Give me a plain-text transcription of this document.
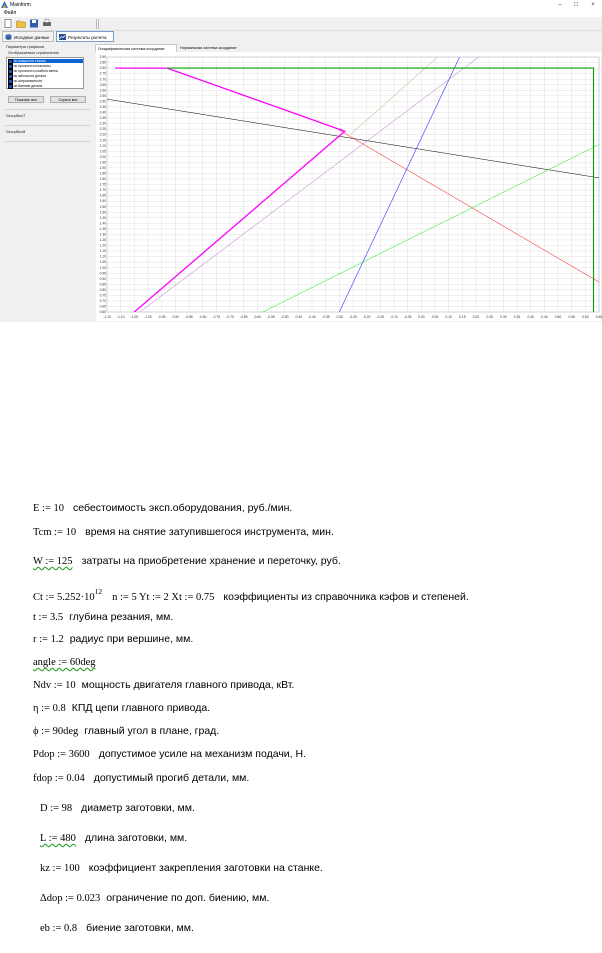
Mainform	–	□	×
Файл
Исходные данные	Результаты расчета
Параметры графиков
Отображаемые ограничения
по мощности станка
по прочности пластины
по прочности слабого звена
по жёсткости детали
по шероховатости
по биению детали
Показать все	Скрыть все
GroupBox7
GroupBox8
Логарифмическая система координат	Нормальная система координат
-1.15 -1.10 -1.05 -1.00 -0.95 -0.90 -0.85 -0.80 -0.75 -0.70 -0.65 -0.60 -0.55 -0.50 -0.45 -0.40 -0.35 -0.30 -0.25 -0.20 -0.15 -0.10 -0.05 0.00 0.05 0.10 0.15 0.20 0.25 0.30 0.35 0.40 0.45 0.50 0.55 0.60 0.65
2.90
2.85
2.80
2.75
2.70
2.65
2.60
2.55
2.50
2.45
2.40
2.35
2.30
2.25
2.20
2.15
2.10
2.05
2.00
1.95
1.90
1.85
1.80
1.75
1.70
1.65
1.60
1.55
1.50
1.45
1.40
1.35
1.30
1.25
1.20
1.15
1.10
1.05
1.00
0.95
0.90
0.85
0.80
0.75
0.70
0.65
0.60
E := 10 себестоимость эксп.оборудования, руб./мин.
Tcm := 10 время на снятие затупившегося инструмента, мин.
W := 125 затраты на приобретение хранение и переточку, руб.
Ct := $5.252\cdot 10^{12}n$ := 5 Yt := 2 Xt := 0.75 коэффициенты из справочника кэфов и степеней.
t := 3.5 глубина резания, мм.
r := 1.2 радиус при вершине, мм.
angle := 60deg
Ndv := 10 мощность двигателя главного привода, кВт.
η := 0.8 КПД цепи главного привода.
ϕ := 90deg главный угол в плане, град.
Pdop := 3600 допустимое усиле на механизм подачи, Н.
fdop := 0.04 допустимый прогиб детали, мм.
D := 98 диаметр заготовки, мм.
L := 480 длина заготовки, мм.
kz := 100 коэффициент закрепления заготовки на станке.
Δdop := 0.023 ограничение по доп. биению, мм.
eb := 0.8 биение заготовки, мм.
